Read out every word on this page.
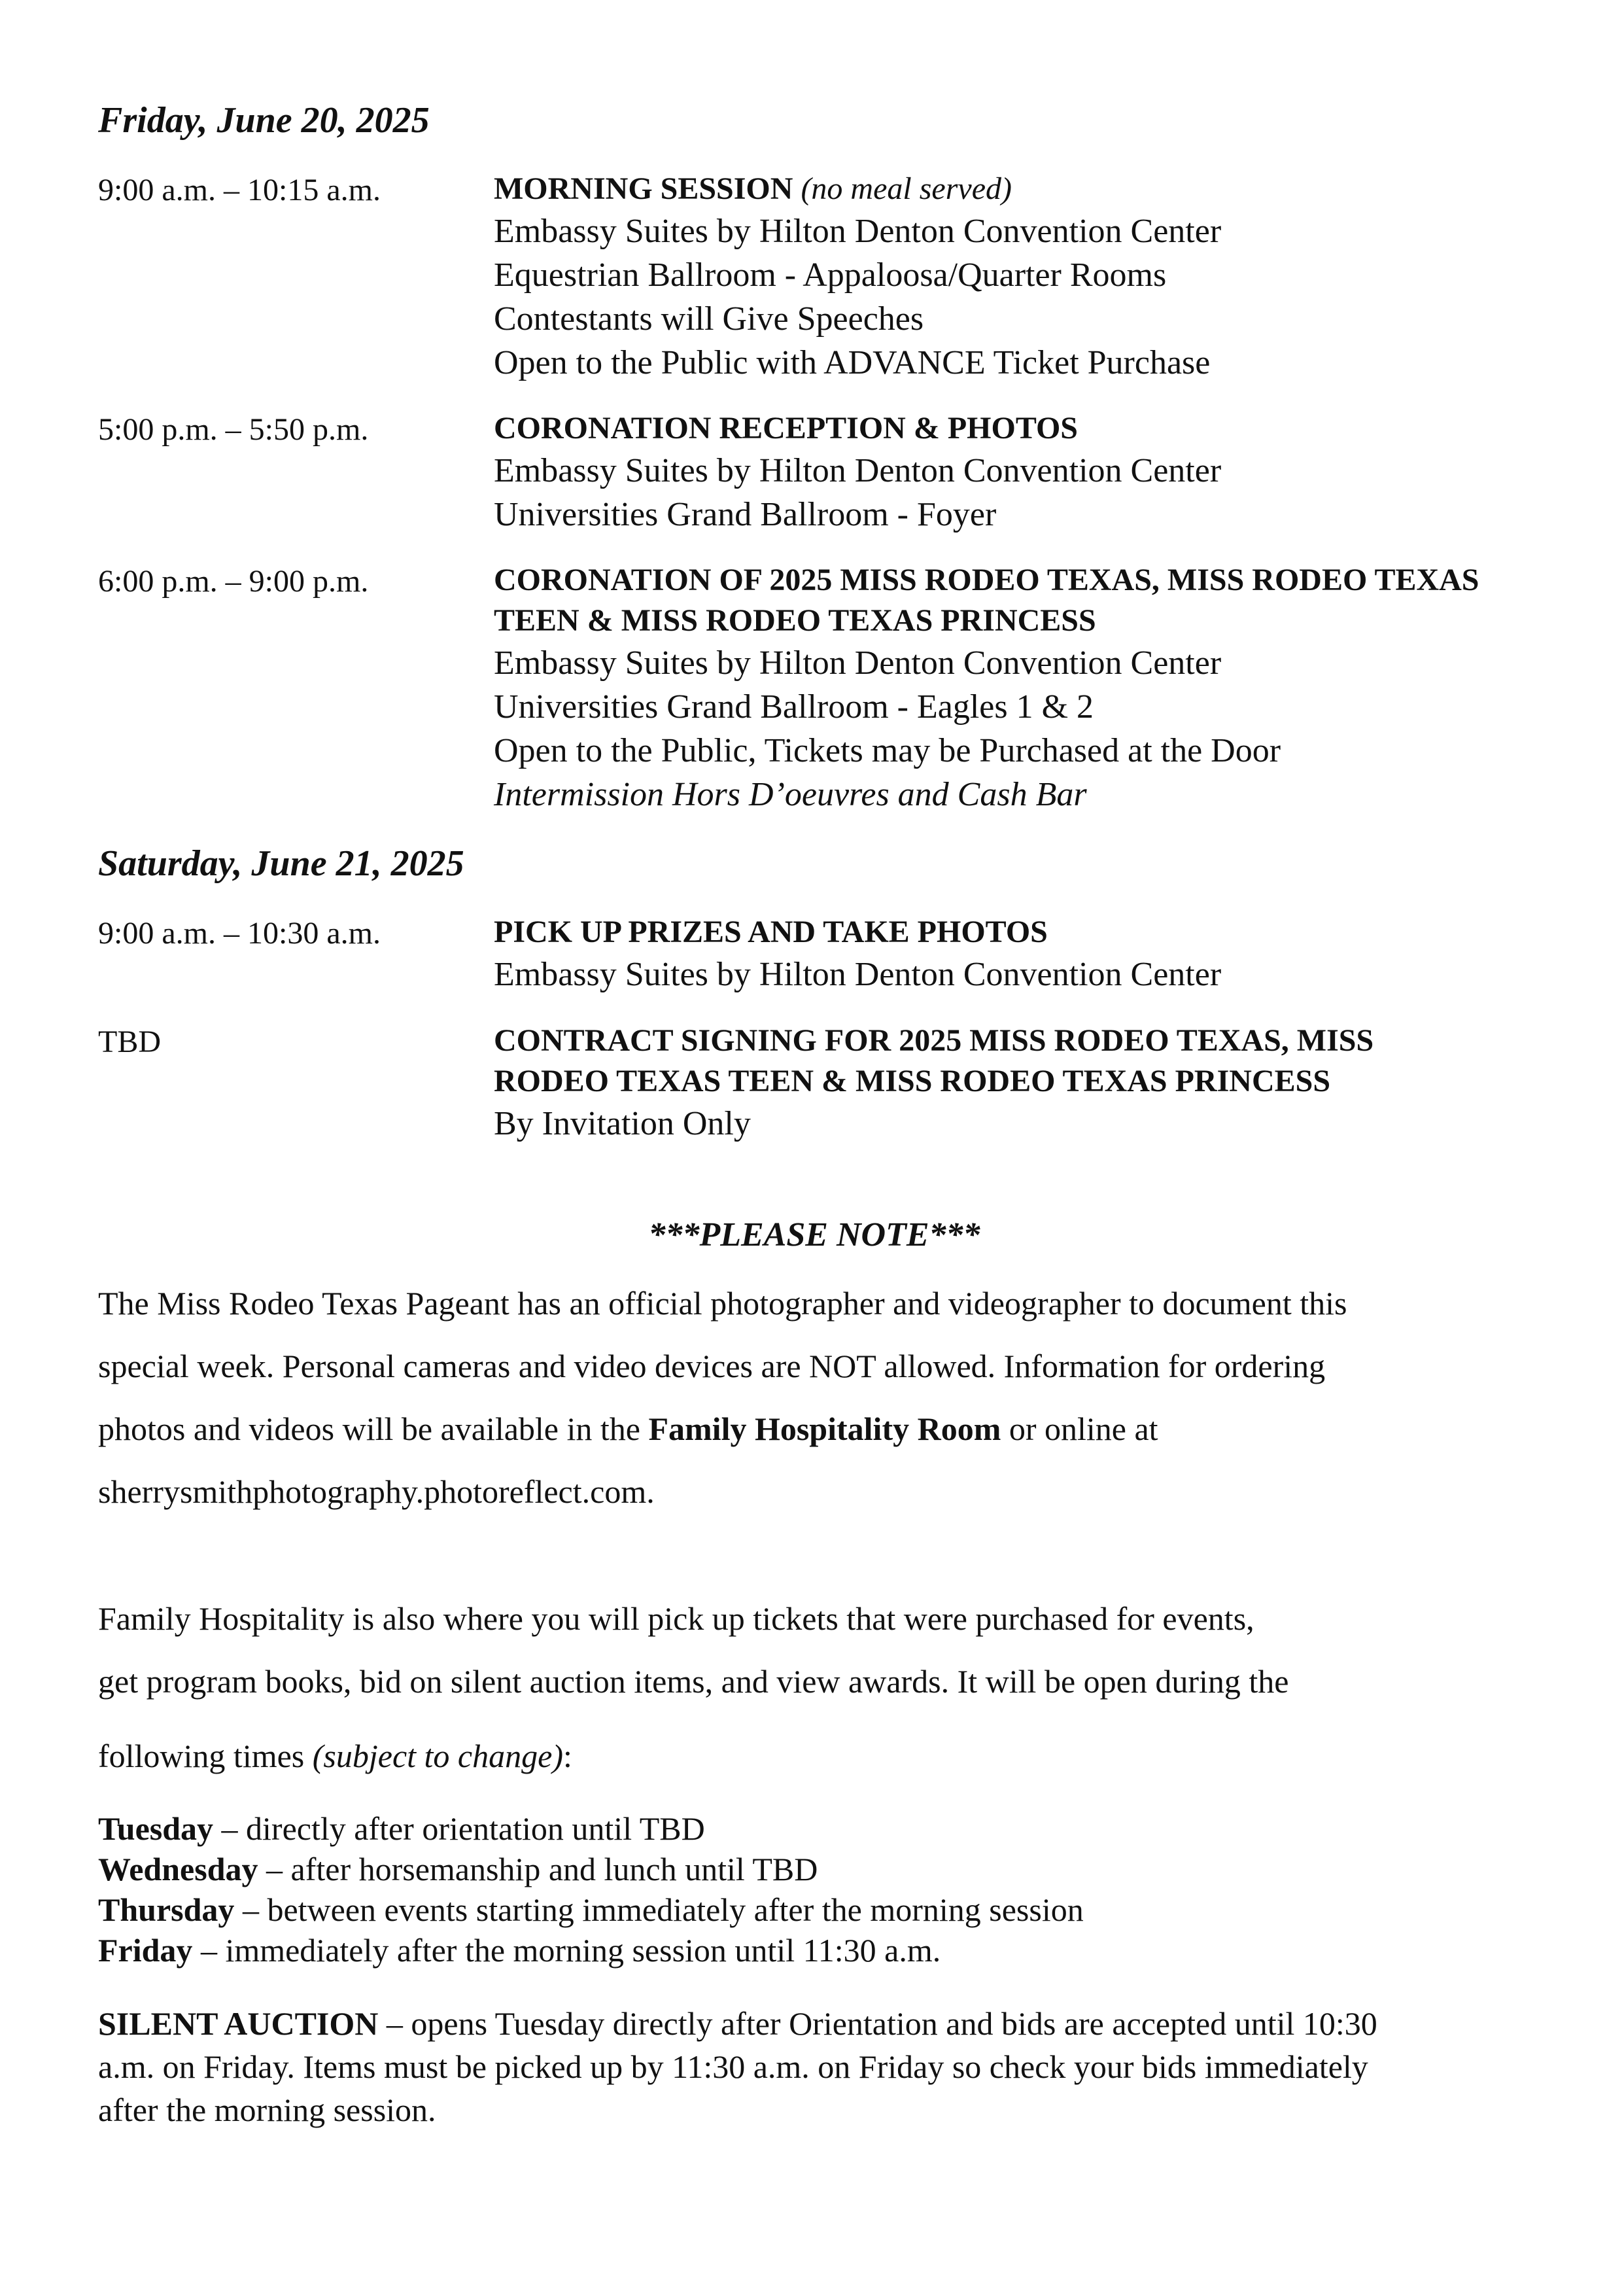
Friday, June 20, 2025
9:00 a.m. – 10:15 a.m.	MORNING SESSION (no meal served)
Embassy Suites by Hilton Denton Convention Center
Equestrian Ballroom - Appaloosa/Quarter Rooms
Contestants will Give Speeches
Open to the Public with ADVANCE Ticket Purchase
5:00 p.m. – 5:50 p.m.	CORONATION RECEPTION & PHOTOS
Embassy Suites by Hilton Denton Convention Center
Universities Grand Ballroom - Foyer
6:00 p.m. – 9:00 p.m.	CORONATION OF 2025 MISS RODEO TEXAS, MISS RODEO TEXAS
TEEN & MISS RODEO TEXAS PRINCESS
Embassy Suites by Hilton Denton Convention Center
Universities Grand Ballroom - Eagles 1 & 2
Open to the Public, Tickets may be Purchased at the Door
Intermission Hors D’oeuvres and Cash Bar
Saturday, June 21, 2025
9:00 a.m. – 10:30 a.m.	PICK UP PRIZES AND TAKE PHOTOS
Embassy Suites by Hilton Denton Convention Center
TBD	CONTRACT SIGNING FOR 2025 MISS RODEO TEXAS, MISS
RODEO TEXAS TEEN & MISS RODEO TEXAS PRINCESS
By Invitation Only
***PLEASE NOTE***
The Miss Rodeo Texas Pageant has an official photographer and videographer to document this
special week. Personal cameras and video devices are NOT allowed. Information for ordering
photos and videos will be available in the Family Hospitality Room or online at
sherrysmithphotography.photoreflect.com.
Family Hospitality is also where you will pick up tickets that were purchased for events,
get program books, bid on silent auction items, and view awards. It will be open during the
following times (subject to change):
Tuesday – directly after orientation until TBD
Wednesday – after horsemanship and lunch until TBD
Thursday – between events starting immediately after the morning session
Friday – immediately after the morning session until 11:30 a.m.
SILENT AUCTION – opens Tuesday directly after Orientation and bids are accepted until 10:30
a.m. on Friday. Items must be picked up by 11:30 a.m. on Friday so check your bids immediately
after the morning session.
